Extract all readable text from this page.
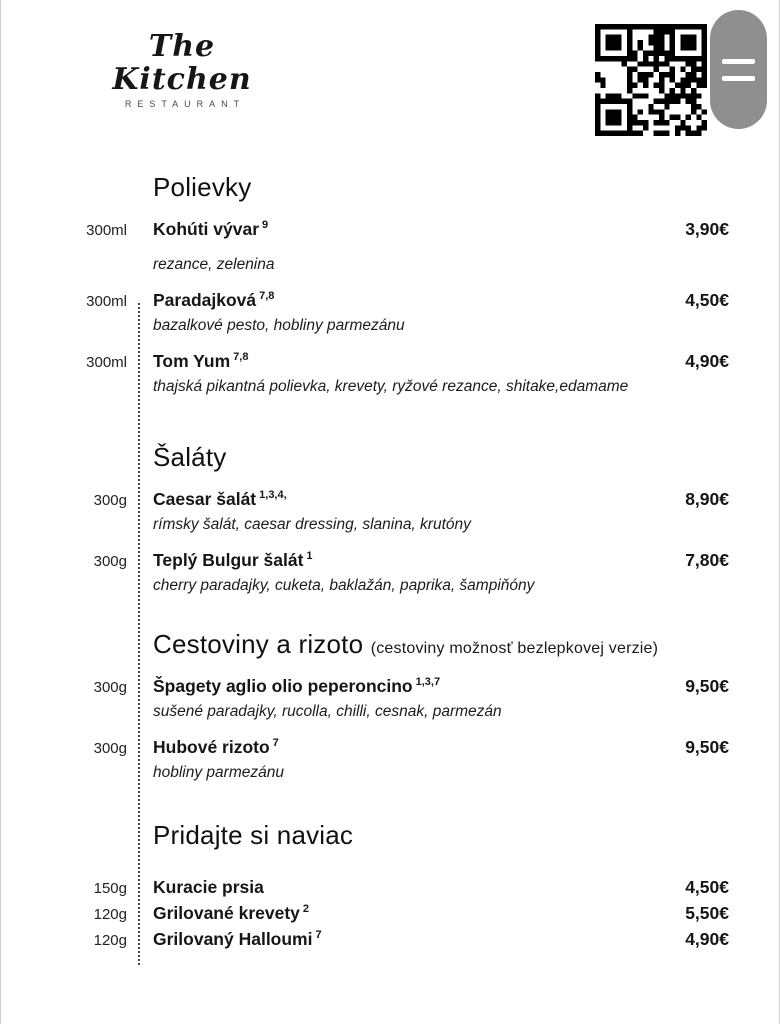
The Kitchen
RESTAURANT
Polievky
300ml Kohúti vývar $^9$	3,90€
rezance, zelenina
300ml Paradajková $^{7,8}$	4,50€
bazalkové pesto, hobliny parmezánu
300ml Tom Yum $^{7,8}$	4,90€
thajská pikantná polievka, krevety, ryžové rezance, shitake,edamame
Šaláty
300g Caesar šalát $^{1,3,4,}$	8,90€
rímsky šalát, caesar dressing, slanina, krutóny
300g Teplý Bulgur šalát $^1$	7,80€
cherry paradajky, cuketa, baklažán, paprika, šampiňóny
Cestoviny a rizoto (cestoviny možnosť bezlepkovej verzie)
300g Špagety aglio olio peperoncino $^{1,3,7}$	9,50€
sušené paradajky, rucolla, chilli, cesnak, parmezán
300g Hubové rizoto $^7$	9,50€
hobliny parmezánu
Pridajte si naviac
150g Kuracie prsia	4,50€
120g Grilované krevety $^2$	5,50€
120g Grilovaný Halloumi $^7$	4,90€
